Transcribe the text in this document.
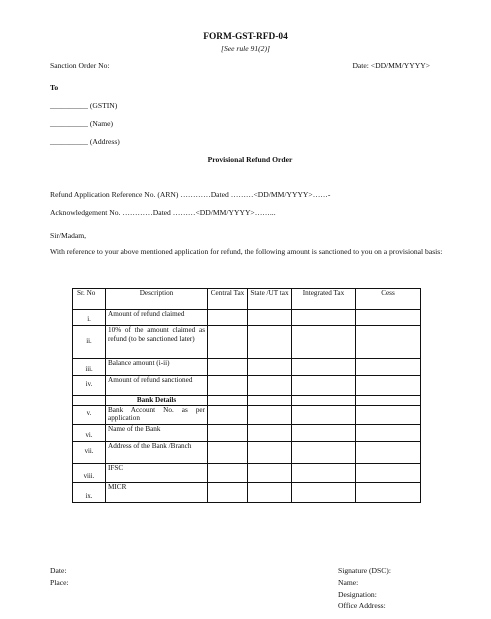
FORM-GST-RFD-04
[See rule 91(2)]
Sanction Order No:	Date: <DD/MM/YYYY>
To
__________ (GSTIN)
__________ (Name)
__________ (Address)
Provisional Refund Order
Refund Application Reference No. (ARN) …………Dated ………<DD/MM/YYYY>……-
Acknowledgement No. …………Dated ………<DD/MM/YYYY>……...
Sir/Madam,
With reference to your above mentioned application for refund, the following amount is sanctioned to you on a provisional basis:
Sr. No	Description	Central Tax	State /UT tax	Integrated Tax	Cess
i.	Amount of refund claimed				
ii.	10% of the amount claimed as refund (to be sanctioned later)				
iii.	Balance amount (i-ii)				
iv.	Amount of refund sanctioned				
	Bank Details				
v.	Bank Account No. as per application				
vi.	Name of the Bank				
vii.	Address of the Bank /Branch				
viii.	IFSC				
ix.	MICR				
Date:
Place:
Signature (DSC):
Name:
Designation:
Office Address:
